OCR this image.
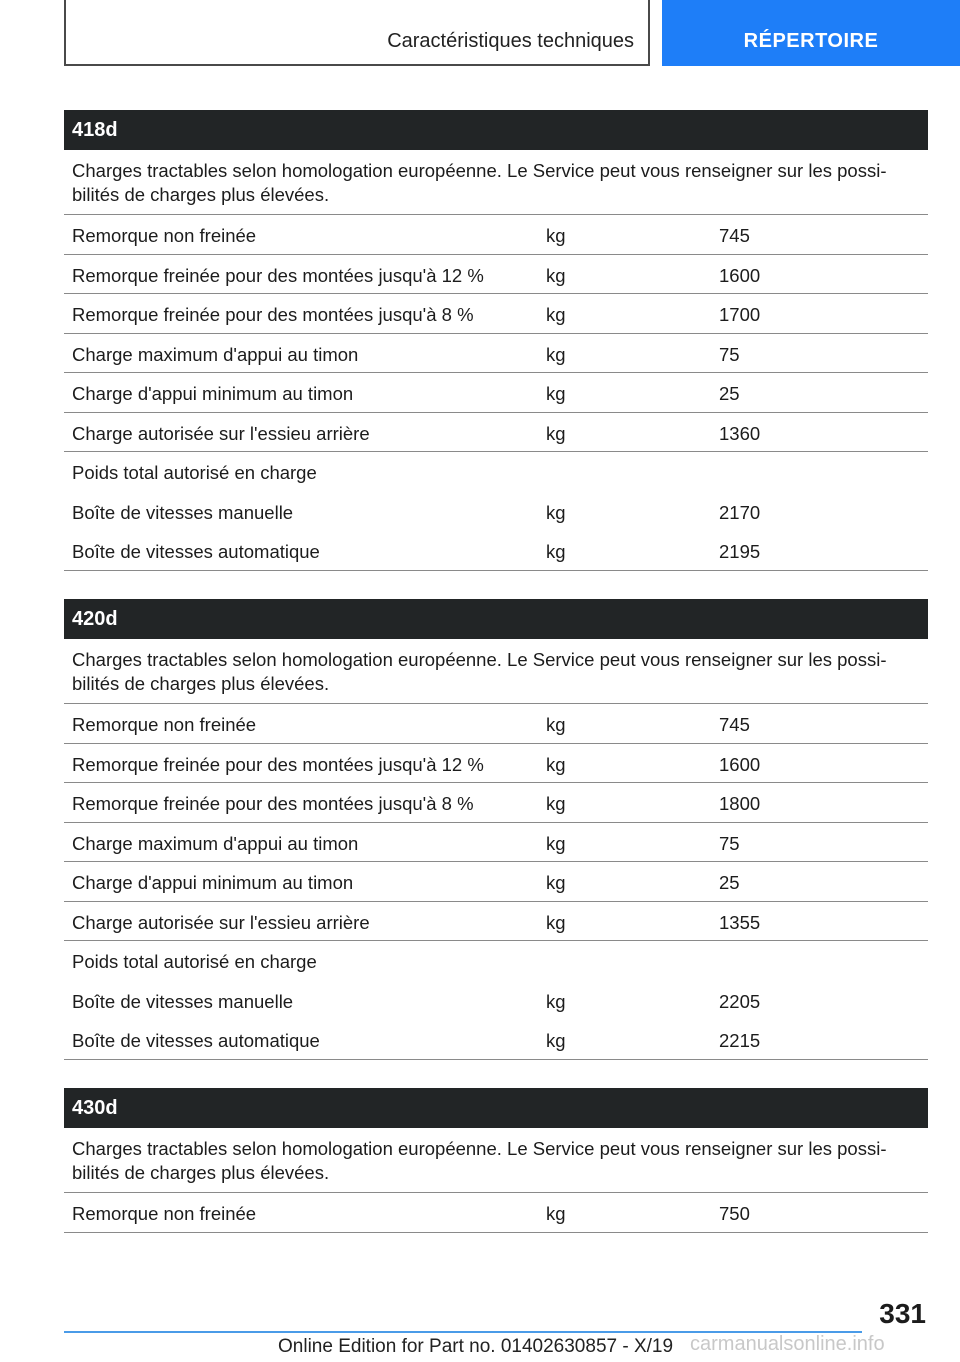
Caractéristiques techniques	RÉPERTOIRE
418d
Charges tractables selon homologation européenne. Le Service peut vous renseigner sur les possibilités de charges plus élevées.
Remorque non freinée	kg	745
Remorque freinée pour des montées jusqu'à 12 %	kg	1600
Remorque freinée pour des montées jusqu'à 8 %	kg	1700
Charge maximum d'appui au timon	kg	75
Charge d'appui minimum au timon	kg	25
Charge autorisée sur l'essieu arrière	kg	1360
Poids total autorisé en charge
Boîte de vitesses manuelle	kg	2170
Boîte de vitesses automatique	kg	2195
420d
Charges tractables selon homologation européenne. Le Service peut vous renseigner sur les possibilités de charges plus élevées.
Remorque non freinée	kg	745
Remorque freinée pour des montées jusqu'à 12 %	kg	1600
Remorque freinée pour des montées jusqu'à 8 %	kg	1800
Charge maximum d'appui au timon	kg	75
Charge d'appui minimum au timon	kg	25
Charge autorisée sur l'essieu arrière	kg	1355
Poids total autorisé en charge
Boîte de vitesses manuelle	kg	2205
Boîte de vitesses automatique	kg	2215
430d
Charges tractables selon homologation européenne. Le Service peut vous renseigner sur les possibilités de charges plus élevées.
Remorque non freinée	kg	750
331
Online Edition for Part no. 01402630857 - X/19 carmanualsonline.info
